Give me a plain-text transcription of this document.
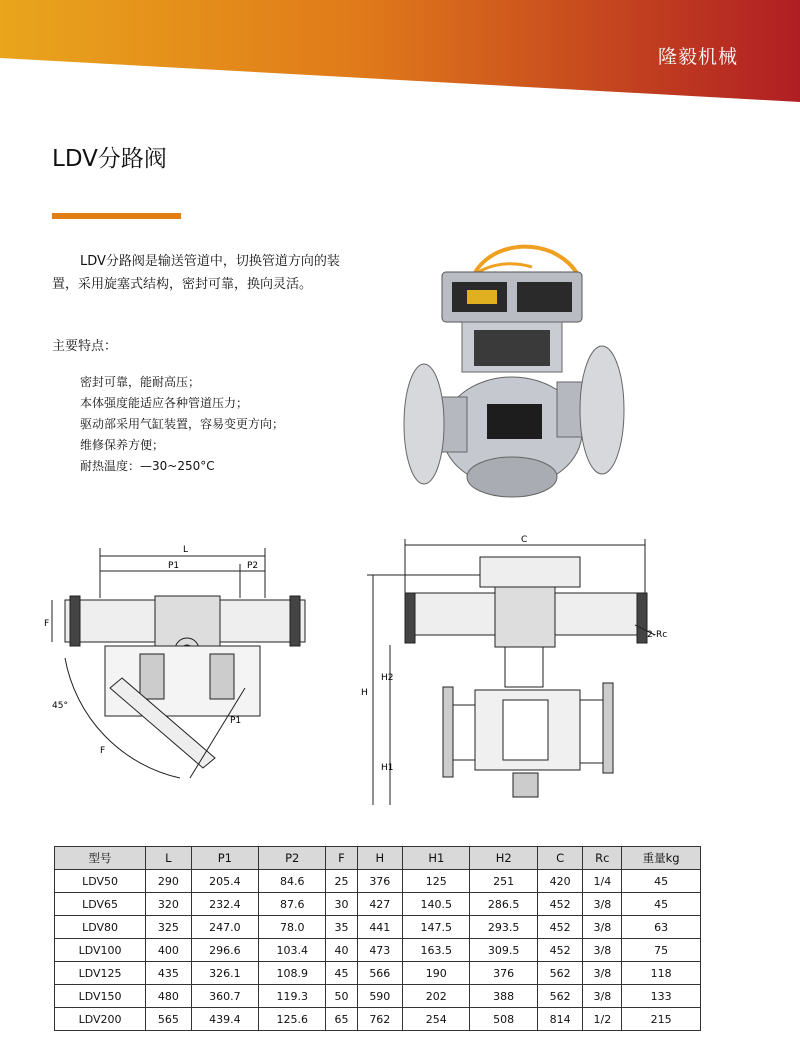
隆毅机械
LDV分路阀
LDV分路阀是输送管道中，切换管道方向的装置，采用旋塞式结构，密封可靠，换向灵活。
主要特点：
密封可靠，能耐高压；
本体强度能适应各种管道压力；
驱动部采用气缸装置，容易变更方向；
维修保养方便；
耐热温度：—30~250°C
L
P1	P2
F
45°
P1
F
C
H
H2
H1
2-Rc
型号	L	P1	P2	F	H	H1	H2	C	Rc	重量kg
LDV50	290	205.4	84.6	25	376	125	251	420	1/4	45
LDV65	320	232.4	87.6	30	427	140.5	286.5	452	3/8	45
LDV80	325	247.0	78.0	35	441	147.5	293.5	452	3/8	63
LDV100	400	296.6	103.4	40	473	163.5	309.5	452	3/8	75
LDV125	435	326.1	108.9	45	566	190	376	562	3/8	118
LDV150	480	360.7	119.3	50	590	202	388	562	3/8	133
LDV200	565	439.4	125.6	65	762	254	508	814	1/2	215
